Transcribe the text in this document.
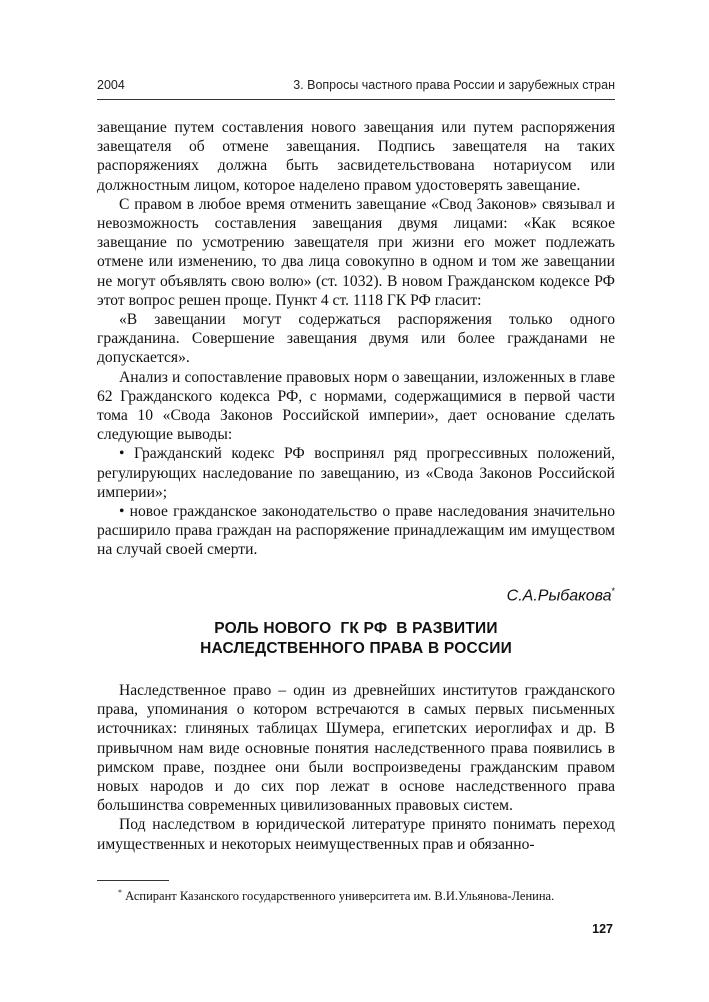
2004	3. Вопросы частного права России и зарубежных стран

завещание путем составления нового завещания или путем распоряжения завещателя об отмене завещания. Подпись завещателя на таких распоряжениях должна быть засвидетельствована нотариусом или должностным лицом, которое наделено правом удостоверять завещание.

С правом в любое время отменить завещание «Свод Законов» связывал и невозможность составления завещания двумя лицами: «Как всякое завещание по усмотрению завещателя при жизни его может подлежать отмене или изменению, то два лица совокупно в одном и том же завещании не могут объявлять свою волю» (ст. 1032). В новом Гражданском кодексе РФ этот вопрос решен проще. Пункт 4 ст. 1118 ГК РФ гласит:

«В завещании могут содержаться распоряжения только одного гражданина. Совершение завещания двумя или более гражданами не допускается».

Анализ и сопоставление правовых норм о завещании, изложенных в главе 62 Гражданского кодекса РФ, с нормами, содержащимися в первой части тома 10 «Свода Законов Российской империи», дает основание сделать следующие выводы:

• Гражданский кодекс РФ воспринял ряд прогрессивных положений, регулирующих наследование по завещанию, из «Свода Законов Российской империи»;

• новое гражданское законодательство о праве наследования значительно расширило права граждан на распоряжение принадлежащим им имуществом на случай своей смерти.

С.А.Рыбакова*
РОЛЬ НОВОГО  ГК РФ  В РАЗВИТИИ
НАСЛЕДСТВЕННОГО ПРАВА В РОССИИ

Наследственное право – один из древнейших институтов гражданского права, упоминания о котором встречаются в самых первых письменных источниках: глиняных таблицах Шумера, египетских иероглифах и др. В привычном нам виде основные понятия наследственного права появились в римском праве, позднее они были воспроизведены гражданским правом новых народов и до сих пор лежат в основе наследственного права большинства современных цивилизованных правовых систем.

Под наследством в юридической литературе принято понимать переход имущественных и некоторых неимущественных прав и обязанно-

* Аспирант Казанского государственного университета им. В.И.Ульянова-Ленина.
127
